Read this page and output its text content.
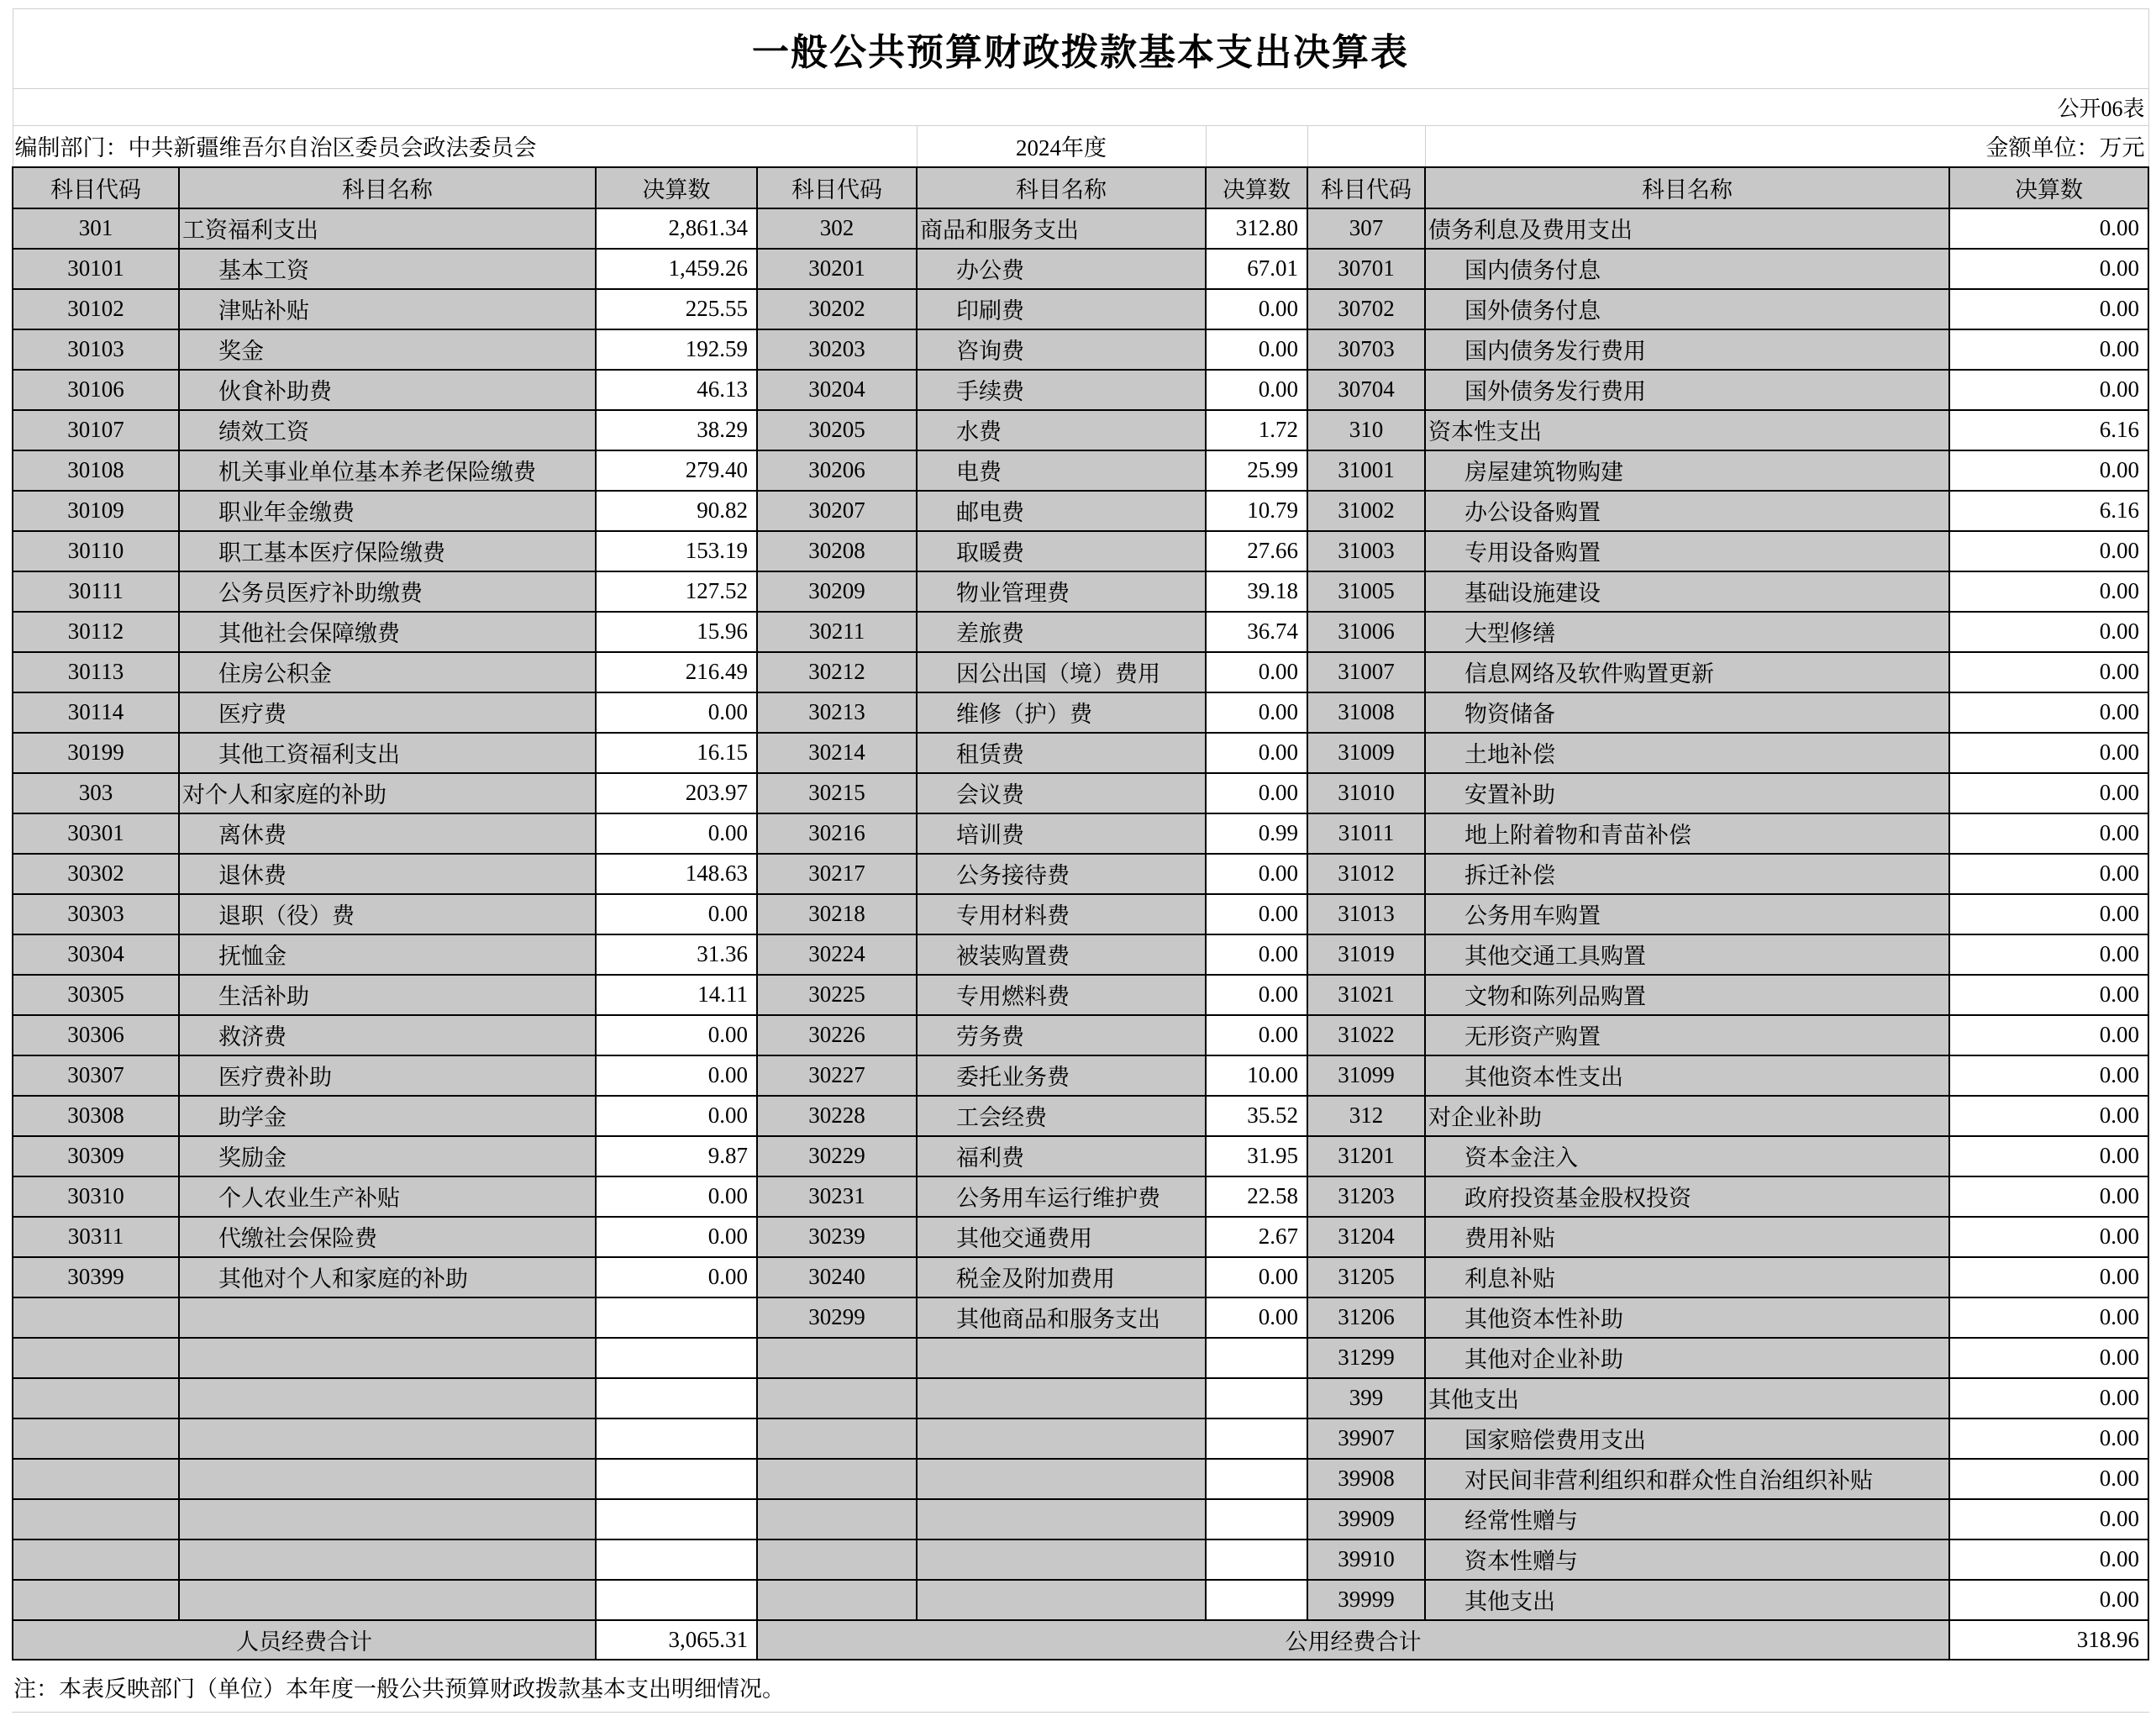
一般公共预算财政拨款基本支出决算表								
公开06表								
编制部门：中共新疆维吾尔自治区委员会政法委员会				2024年度			金额单位：万元	
科目代码	科目名称	决算数	科目代码	科目名称	决算数	科目代码	科目名称	决算数
301	工资福利支出	2,861.34	302	商品和服务支出	312.80	307	债务利息及费用支出	0.00
30101	基本工资	1,459.26	30201	办公费	67.01	30701	国内债务付息	0.00
30102	津贴补贴	225.55	30202	印刷费	0.00	30702	国外债务付息	0.00
30103	奖金	192.59	30203	咨询费	0.00	30703	国内债务发行费用	0.00
30106	伙食补助费	46.13	30204	手续费	0.00	30704	国外债务发行费用	0.00
30107	绩效工资	38.29	30205	水费	1.72	310	资本性支出	6.16
30108	机关事业单位基本养老保险缴费	279.40	30206	电费	25.99	31001	房屋建筑物购建	0.00
30109	职业年金缴费	90.82	30207	邮电费	10.79	31002	办公设备购置	6.16
30110	职工基本医疗保险缴费	153.19	30208	取暖费	27.66	31003	专用设备购置	0.00
30111	公务员医疗补助缴费	127.52	30209	物业管理费	39.18	31005	基础设施建设	0.00
30112	其他社会保障缴费	15.96	30211	差旅费	36.74	31006	大型修缮	0.00
30113	住房公积金	216.49	30212	因公出国（境）费用	0.00	31007	信息网络及软件购置更新	0.00
30114	医疗费	0.00	30213	维修（护）费	0.00	31008	物资储备	0.00
30199	其他工资福利支出	16.15	30214	租赁费	0.00	31009	土地补偿	0.00
303	对个人和家庭的补助	203.97	30215	会议费	0.00	31010	安置补助	0.00
30301	离休费	0.00	30216	培训费	0.99	31011	地上附着物和青苗补偿	0.00
30302	退休费	148.63	30217	公务接待费	0.00	31012	拆迁补偿	0.00
30303	退职（役）费	0.00	30218	专用材料费	0.00	31013	公务用车购置	0.00
30304	抚恤金	31.36	30224	被装购置费	0.00	31019	其他交通工具购置	0.00
30305	生活补助	14.11	30225	专用燃料费	0.00	31021	文物和陈列品购置	0.00
30306	救济费	0.00	30226	劳务费	0.00	31022	无形资产购置	0.00
30307	医疗费补助	0.00	30227	委托业务费	10.00	31099	其他资本性支出	0.00
30308	助学金	0.00	30228	工会经费	35.52	312	对企业补助	0.00
30309	奖励金	9.87	30229	福利费	31.95	31201	资本金注入	0.00
30310	个人农业生产补贴	0.00	30231	公务用车运行维护费	22.58	31203	政府投资基金股权投资	0.00
30311	代缴社会保险费	0.00	30239	其他交通费用	2.67	31204	费用补贴	0.00
30399	其他对个人和家庭的补助	0.00	30240	税金及附加费用	0.00	31205	利息补贴	0.00
			30299	其他商品和服务支出	0.00	31206	其他资本性补助	0.00
						31299	其他对企业补助	0.00
						399	其他支出	0.00
						39907	国家赔偿费用支出	0.00
						39908	对民间非营利组织和群众性自治组织补贴	0.00
						39909	经常性赠与	0.00
						39910	资本性赠与	0.00
						39999	其他支出	0.00
人员经费合计		3,065.31	公用经费合计					318.96
注：本表反映部门（单位）本年度一般公共预算财政拨款基本支出明细情况。
